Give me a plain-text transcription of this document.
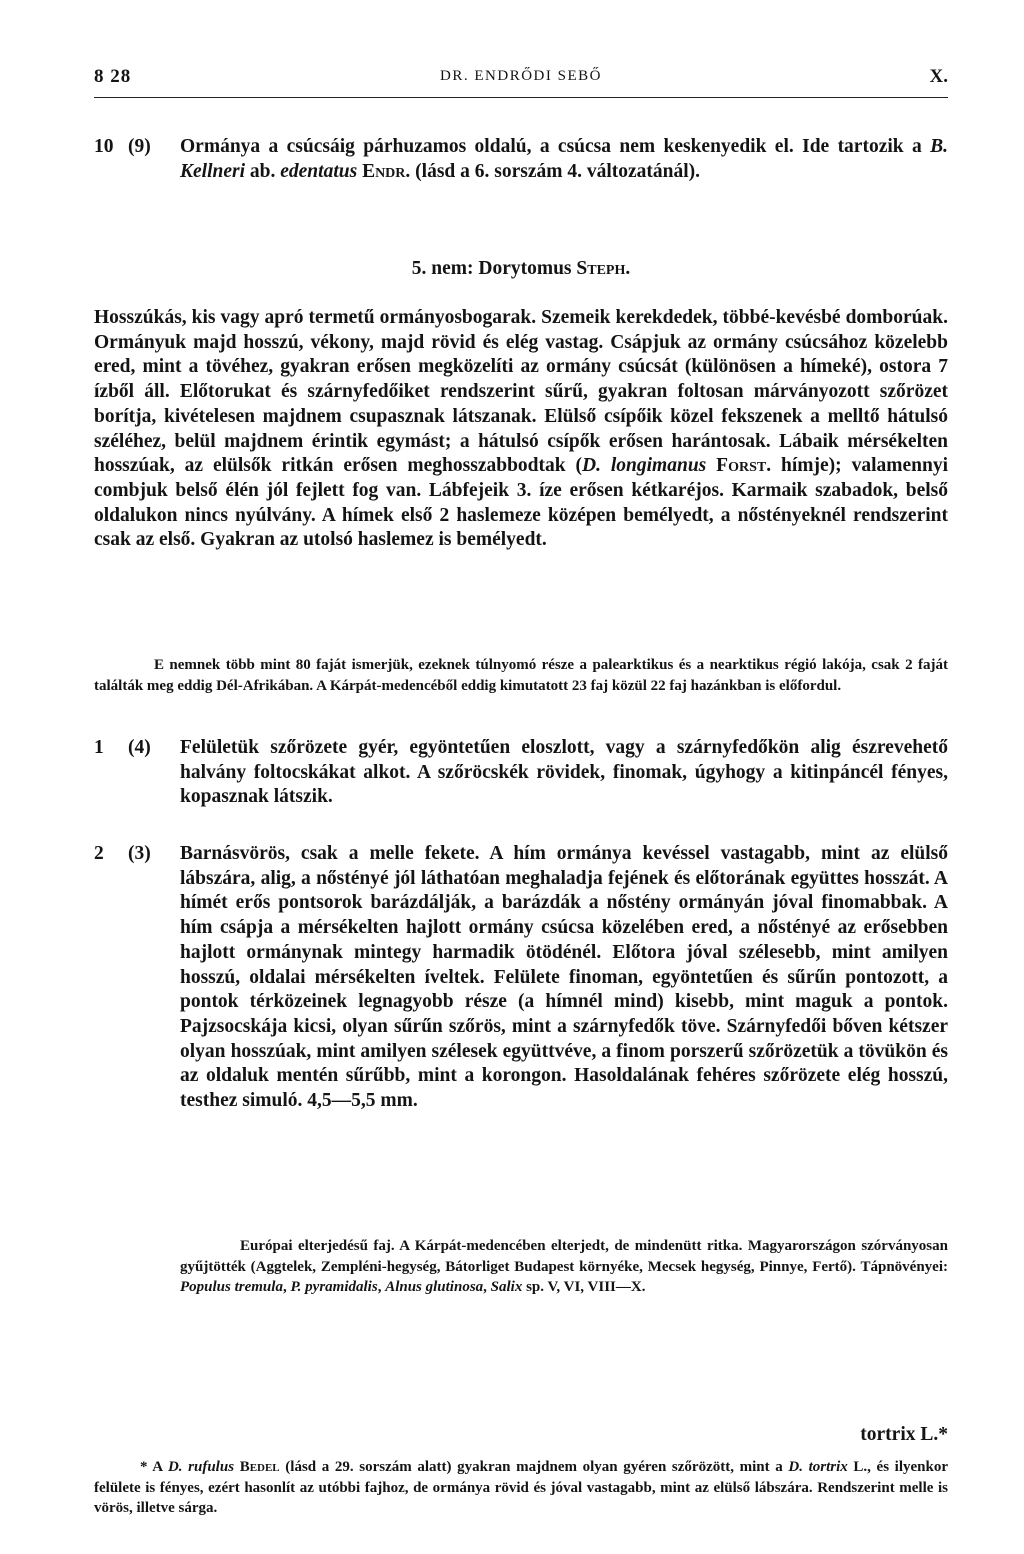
8 28	DR. ENDRŐDI SEBŐ	X.
10 (9) Ormánya a csúcsáig párhuzamos oldalú, a csúcsa nem keskenyedik el. Ide tartozik a B. Kellneri ab. edentatus Endr. (lásd a 6. sorszám 4. változatánál).
5. nem: Dorytomus Steph.
Hosszúkás, kis vagy apró termetű ormányosbogarak. Szemeik kerekdedek, többé-kevésbé domborúak. Ormányuk majd hosszú, vékony, majd rövid és elég vastag. Csápjuk az ormány csúcsához közelebb ered, mint a tövéhez, gyakran erősen megközelíti az ormány csúcsát (különösen a hímeké), ostora 7 ízből áll. Előtorukat és szárnyfedőiket rendszerint sűrű, gyakran foltosan márványozott szőrözet borítja, kivételesen majdnem csupasznak látszanak. Elülső csípőik közel fekszenek a melltő hátulsó széléhez, belül majdnem érintik egymást; a hátulsó csípők erősen harántosak. Lábaik mérsékelten hosszúak, az elülsők ritkán erősen meghosszabbodtak (D. longimanus Forst. hímje); valamennyi combjuk belső élén jól fejlett fog van. Lábfejeik 3. íze erősen kétkaréjos. Karmaik szabadok, belső oldalukon nincs nyúlvány. A hímek első 2 haslemeze középen bemélyedt, a nőstényeknél rendszerint csak az első. Gyakran az utolsó haslemez is bemélyedt.
E nemnek több mint 80 faját ismerjük, ezeknek túlnyomó része a palearktikus és a nearktikus régió lakója, csak 2 faját találták meg eddig Dél-Afrikában. A Kárpát-medencéből eddig kimutatott 23 faj közül 22 faj hazánkban is előfordul.
1 (4) Felületük szőrözete gyér, egyöntetűen eloszlott, vagy a szárnyfedőkön alig észrevehető halvány foltocskákat alkot. A szőröcskék rövidek, finomak, úgyhogy a kitinpáncél fényes, kopasznak látszik.
2 (3) Barnásvörös, csak a melle fekete. A hím ormánya kevéssel vastagabb, mint az elülső lábszára, alig, a nőstényé jól láthatóan meghaladja fejének és előtorának együttes hosszát. A hímét erős pontsorok barázdálják, a barázdák a nőstény ormányán jóval finomabbak. A hím csápja a mérsékelten hajlott ormány csúcsa közelében ered, a nőstényé az erősebben hajlott ormánynak mintegy harmadik ötödénél. Előtora jóval szélesebb, mint amilyen hosszú, oldalai mérsékelten íveltek. Felülete finoman, egyöntetűen és sűrűn pontozott, a pontok térközeinek legnagyobb része (a hímnél mind) kisebb, mint maguk a pontok. Pajzsocskája kicsi, olyan sűrűn szőrös, mint a szárnyfedők töve. Szárnyfedői bőven kétszer olyan hosszúak, mint amilyen szélesek együttvéve, a finom porszerű szőrözetük a tövükön és az oldaluk mentén sűrűbb, mint a korongon. Hasoldalának fehéres szőrözete elég hosszú, testhez simuló. 4,5—5,5 mm.
Európai elterjedésű faj. A Kárpát-medencében elterjedt, de mindenütt ritka. Magyarországon szórványosan gyűjtötték (Aggtelek, Zempléni-hegység, Bátorliget Budapest környéke, Mecsek hegység, Pinnye, Fertő). Tápnövényei: Populus tremula, P. pyramidalis, Alnus glutinosa, Salix sp. V, VI, VIII—X.
tortrix L.*
* A D. rufulus Bedel (lásd a 29. sorszám alatt) gyakran majdnem olyan gyéren szőrözött, mint a D. tortrix L., és ilyenkor felülete is fényes, ezért hasonlít az utóbbi fajhoz, de ormánya rövid és jóval vastagabb, mint az elülső lábszára. Rendszerint melle is vörös, illetve sárga.
